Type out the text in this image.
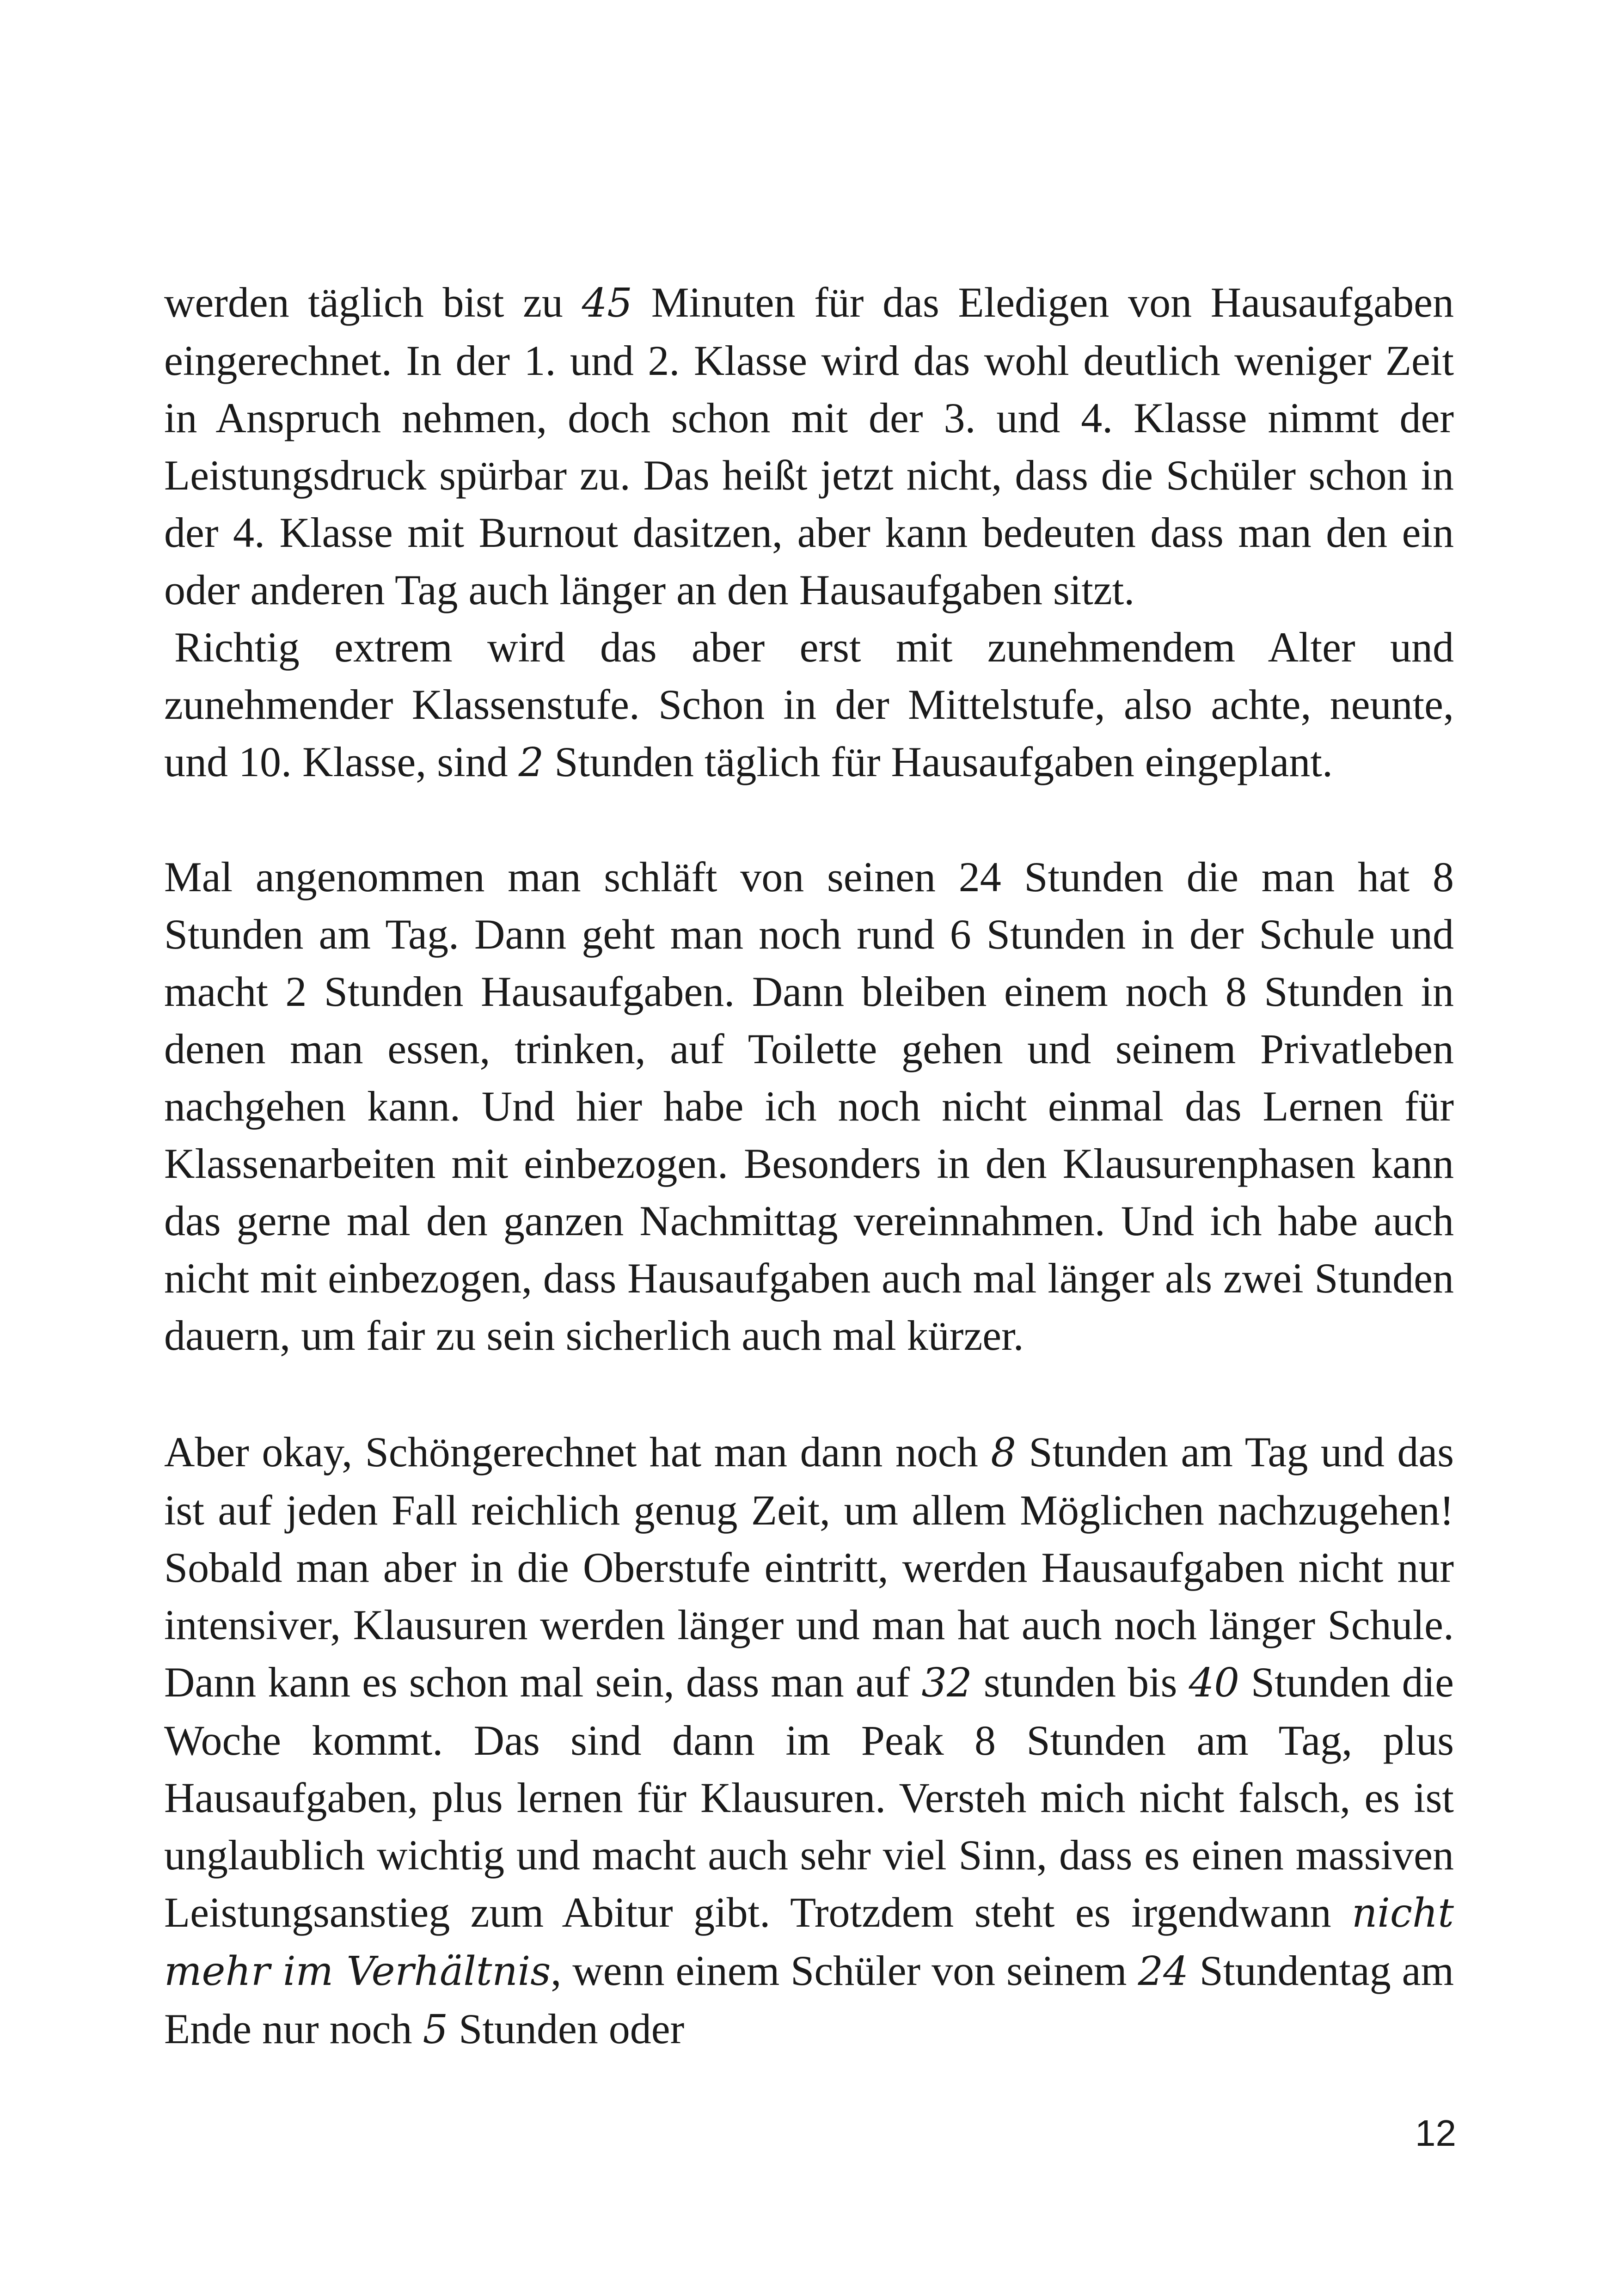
werden täglich bist zu 45 Minuten für das Eledigen von Hausaufgaben eingerechnet. In der 1. und 2. Klasse wird das wohl deutlich weniger Zeit in Anspruch nehmen, doch schon mit der 3. und 4. Klasse nimmt der Leistungsdruck spürbar zu. Das heißt jetzt nicht, dass die Schüler schon in der 4. Klasse mit Burnout dasitzen, aber kann bedeuten dass man den ein oder anderen Tag auch länger an den Hausaufgaben sitzt.

Richtig extrem wird das aber erst mit zunehmendem Alter und zunehmender Klassenstufe. Schon in der Mittelstufe, also achte, neunte, und 10. Klasse, sind 2 Stunden täglich für Hausaufgaben eingeplant.

Mal angenommen man schläft von seinen 24 Stunden die man hat 8 Stunden am Tag. Dann geht man noch rund 6 Stunden in der Schule und macht 2 Stunden Hausaufgaben. Dann bleiben einem noch 8 Stunden in denen man essen, trinken, auf Toilette gehen und seinem Privatleben nachgehen kann. Und hier habe ich noch nicht einmal das Lernen für Klassenarbeiten mit einbezogen. Besonders in den Klausurenphasen kann das gerne mal den ganzen Nachmittag vereinnahmen. Und ich habe auch nicht mit einbezogen, dass Hausaufgaben auch mal länger als zwei Stunden dauern, um fair zu sein sicherlich auch mal kürzer.

Aber okay, Schöngerechnet hat man dann noch 8 Stunden am Tag und das ist auf jeden Fall reichlich genug Zeit, um allem Möglichen nachzugehen! Sobald man aber in die Oberstufe eintritt, werden Hausaufgaben nicht nur intensiver, Klausuren werden länger und man hat auch noch länger Schule. Dann kann es schon mal sein, dass man auf 32 stunden bis 40 Stunden die Woche kommt. Das sind dann im Peak 8 Stunden am Tag, plus Hausaufgaben, plus lernen für Klausuren. Versteh mich nicht falsch, es ist unglaublich wichtig und macht auch sehr viel Sinn, dass es einen massiven Leistungsanstieg zum Abitur gibt. Trotzdem steht es irgendwann nicht mehr im Verhältnis, wenn einem Schüler von seinem 24 Stundentag am Ende nur noch 5 Stunden oder

12
